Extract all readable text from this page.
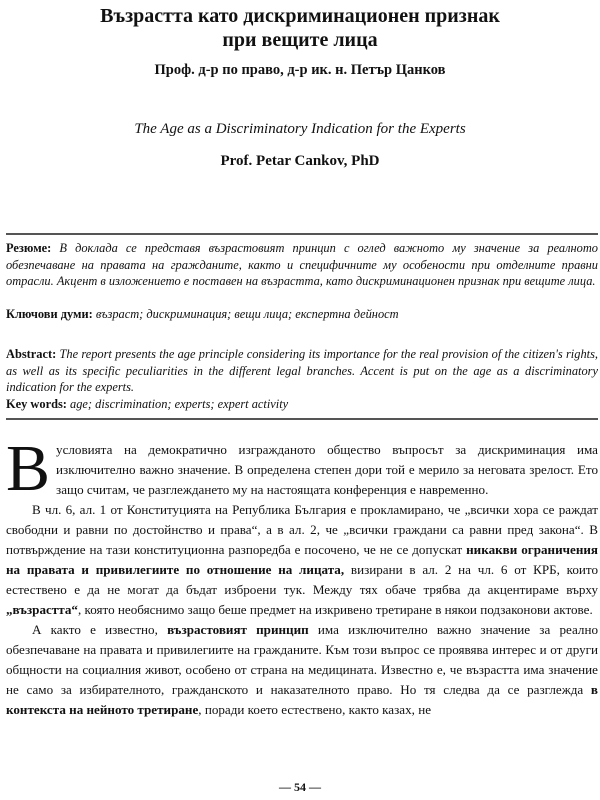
Възрастта като дискриминационен признак
при вещите лица
Проф. д-р по право, д-р ик. н. Петър Цанков
The Age as a Discriminatory Indication for the Experts
Prof. Petar Cankov, PhD
Резюме: В доклада се представя възрастовият принцип с оглед важното му значение за реалното обезпечаване на правата на гражданите, както и специфичните му особености при отделните правни отрасли. Акцент в изложението е поставен на възрастта, като дискриминационен признак при вещите лица.
Ключови думи: възраст; дискриминация; вещи лица; експертна дейност
Abstract: The report presents the age principle considering its importance for the real provision of the citizen's rights, as well as its specific peculiarities in the different legal branches. Accent is put on the age as a discriminatory indication for the experts.
Key words: age; discrimination; experts; expert activity

В условията на демократично изгражданото общество въпросът за дискриминация има изключително важно значение. В определена степен дори той е мерило за неговата зрелост. Ето защо считам, че разглеждането му на настоящата конференция е навременно.

В чл. 6, ал. 1 от Конституцията на Република България е прокламирано, че „всички хора се раждат свободни и равни по достойнство и права“, а в ал. 2, че „всички граждани са равни пред закона“. В потвърждение на тази конституционна разпоредба е посочено, че не се допускат никакви ограничения на правата и привилегиите по отношение на лицата, визирани в ал. 2 на чл. 6 от КРБ, които естествено е да не могат да бъдат изброени тук. Между тях обаче трябва да акцентираме върху „възрастта“, която необяснимо защо беше предмет на изкривено третиране в някои подзаконови актове.

А както е известно, възрастовият принцип има изключително важно значение за реално обезпечаване на правата и привилегиите на гражданите. Към този въпрос се проявява интерес и от други общности на социалния живот, особено от страна на медицината. Известно е, че възрастта има значение не само за избирателното, гражданското и наказателното право. Но тя следва да се разглежда в контекста на нейното третиране, поради което естествено, както казах, не

— 54 —
